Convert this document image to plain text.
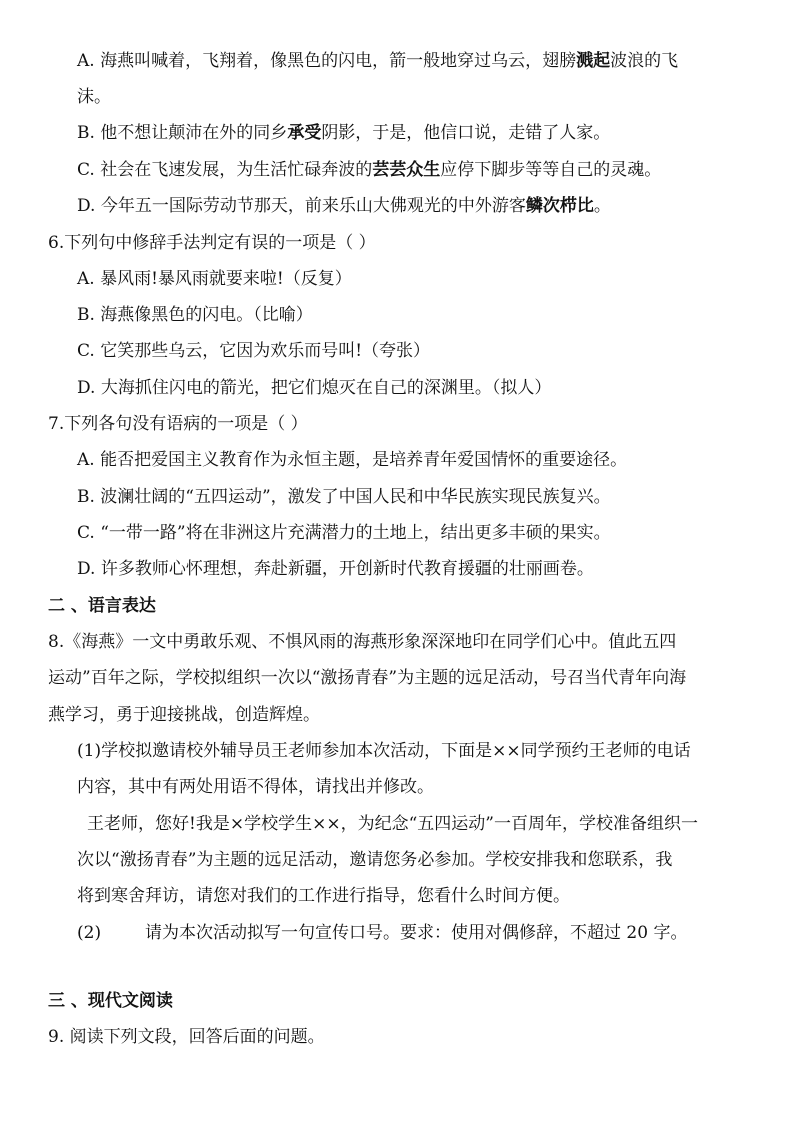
A. 海燕叫喊着，飞翔着，像黑色的闪电，箭一般地穿过乌云，翅膀溅起波浪的飞
沫。
B. 他不想让颠沛在外的同乡承受阴影，于是，他信口说，走错了人家。
C. 社会在飞速发展，为生活忙碌奔波的芸芸众生应停下脚步等等自己的灵魂。
D. 今年五一国际劳动节那天，前来乐山大佛观光的中外游客鳞次栉比。
6.下列句中修辞手法判定有误的一项是（ ）
A. 暴风雨!暴风雨就要来啦!（反复）
B. 海燕像黑色的闪电。（比喻）
C. 它笑那些乌云，它因为欢乐而号叫!（夸张）
D. 大海抓住闪电的箭光，把它们熄灭在自己的深渊里。（拟人）
7.下列各句没有语病的一项是（ ）
A. 能否把爱国主义教育作为永恒主题，是培养青年爱国情怀的重要途径。
B. 波澜壮阔的“五四运动”，激发了中国人民和中华民族实现民族复兴。
C. “一带一路”将在非洲这片充满潜力的土地上，结出更多丰硕的果实。
D. 许多教师心怀理想，奔赴新疆，开创新时代教育援疆的壮丽画卷。
二 、语言表达
8.《海燕》一文中勇敢乐观、不惧风雨的海燕形象深深地印在同学们心中。值此五四
运动”百年之际，学校拟组织一次以“激扬青春”为主题的远足活动，号召当代青年向海
燕学习，勇于迎接挑战，创造辉煌。
(1)学校拟邀请校外辅导员王老师参加本次活动，下面是××同学预约王老师的电话
内容，其中有两处用语不得体，请找出并修改。
王老师，您好!我是×学校学生××，为纪念“五四运动”一百周年，学校准备组织一
次以“激扬青春”为主题的远足活动，邀请您务必参加。学校安排我和您联系，我
将到寒舍拜访，请您对我们的工作进行指导，您看什么时间方便。
(2)	请为本次活动拟写一句宣传口号。要求：使用对偶修辞，不超过 20 字。
三 、现代文阅读
9. 阅读下列文段，回答后面的问题。
